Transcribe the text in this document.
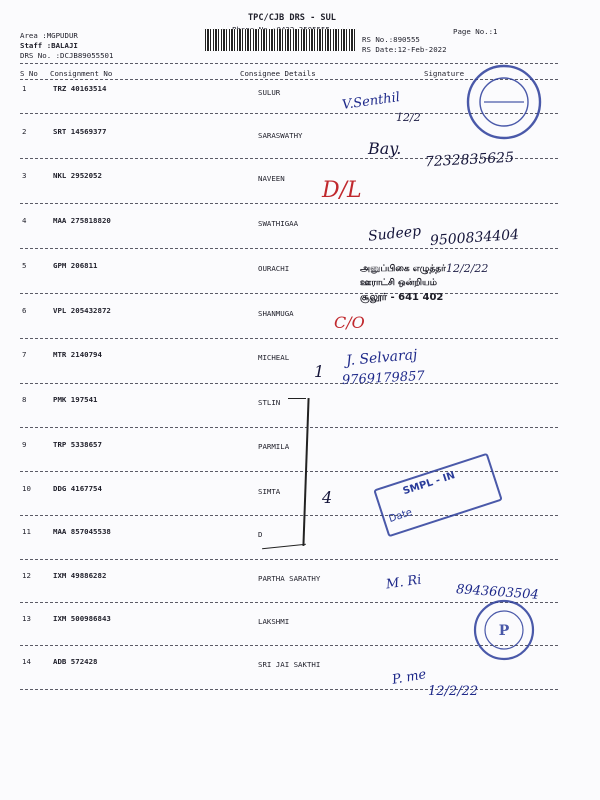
TPC/CJB DRS - SUL
Page No.:1
Area :MGPUDUR
Staff :BALAJI
DRS No. :DCJB89055501
RS No.:890555
RS Date:12-Feb-2022
S No Consignment No	Consignee Details	Signature
1	TRZ 40163514	SULUR
2	SRT 14569377	SARASWATHY
3	NKL 2952052	NAVEEN
4	MAA 275818820	SWATHIGAA
5	GPM 206811	OURACHI
6	VPL 205432872	SHANMUGA
7	MTR 2140794	MICHEAL
8	PMK 197541	STLIN
9	TRP 5338657	PARMILA
10	DDG 4167754	SIMTA
11	MAA 857045538	D
12	IXM 49886282	PARTHA SARATHY
13	IXM 500986843	LAKSHMI
14	ADB 572428	SRI JAI SAKTHI
V.Senthil
12/2
Bay.
7232835625
D/L
Sudeep 9500834404
12/2/22
C/O
J. Selvaraj
9769179857
1
4
M. Ri	8943603504
P. me
12/2/22
அனுப்பிகை எழுத்தர்
ஊராட்சி ஒன்றியம்
சூலூர் - 641 402
SMPL - IN
Date
P
